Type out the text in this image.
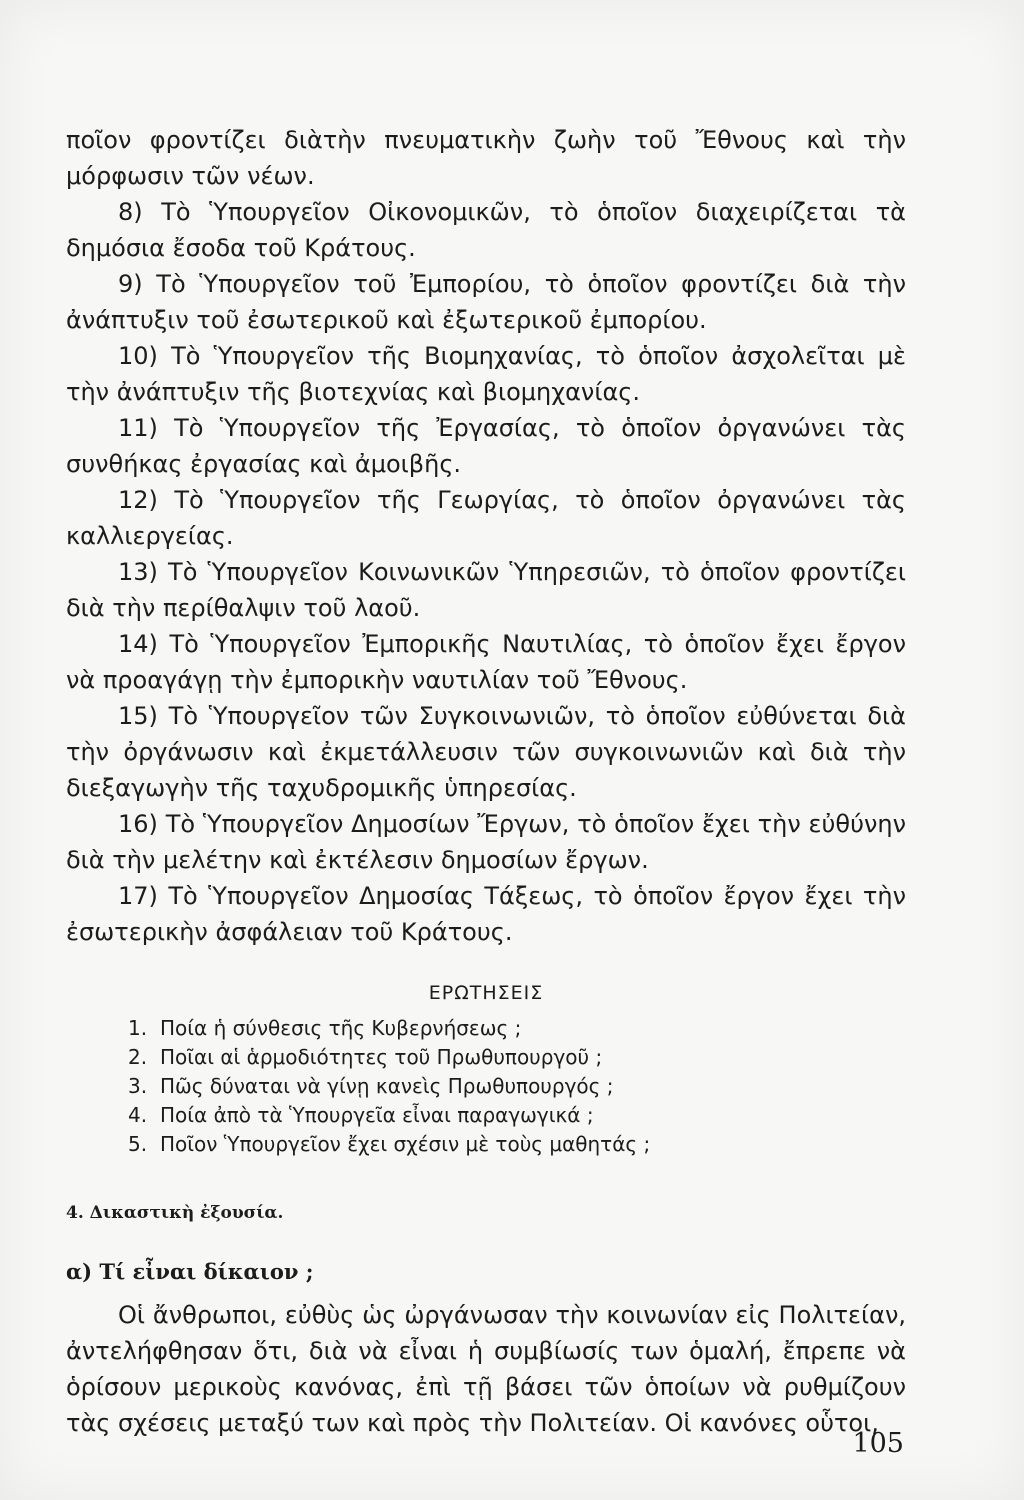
ποῖον φροντίζει διὰτὴν πνευματικὴν ζωὴν τοῦ Ἔθνους καὶ τὴν μόρφωσιν τῶν νέων.

8) Τὸ Ὑπουργεῖον Οἰκονομικῶν, τὸ ὁποῖον διαχειρίζεται τὰ δημόσια ἔσοδα τοῦ Κράτους.

9) Τὸ Ὑπουργεῖον τοῦ Ἐμπορίου, τὸ ὁποῖον φροντίζει διὰ τὴν ἀνάπτυξιν τοῦ ἐσωτερικοῦ καὶ ἐξωτερικοῦ ἐμπορίου.

10) Τὸ Ὑπουργεῖον τῆς Βιομηχανίας, τὸ ὁποῖον ἀσχολεῖται μὲ τὴν ἀνάπτυξιν τῆς βιοτεχνίας καὶ βιομηχανίας.

11) Τὸ Ὑπουργεῖον τῆς Ἐργασίας, τὸ ὁποῖον ὀργανώνει τὰς συνθήκας ἐργασίας καὶ ἀμοιβῆς.

12) Τὸ Ὑπουργεῖον τῆς Γεωργίας, τὸ ὁποῖον ὀργανώνει τὰς καλλιεργείας.

13) Τὸ Ὑπουργεῖον Κοινωνικῶν Ὑπηρεσιῶν, τὸ ὁποῖον φροντίζει διὰ τὴν περίθαλψιν τοῦ λαοῦ.

14) Τὸ Ὑπουργεῖον Ἐμπορικῆς Ναυτιλίας, τὸ ὁποῖον ἔχει ἔργον νὰ προαγάγῃ τὴν ἐμπορικὴν ναυτιλίαν τοῦ Ἔθνους.

15) Τὸ Ὑπουργεῖον τῶν Συγκοινωνιῶν, τὸ ὁποῖον εὐθύνεται διὰ τὴν ὀργάνωσιν καὶ ἐκμετάλλευσιν τῶν συγκοινωνιῶν καὶ διὰ τὴν διεξαγωγὴν τῆς ταχυδρομικῆς ὑπηρεσίας.

16) Τὸ Ὑπουργεῖον Δημοσίων Ἔργων, τὸ ὁποῖον ἔχει τὴν εὐθύνην διὰ τὴν μελέτην καὶ ἐκτέλεσιν δημοσίων ἔργων.

17) Τὸ Ὑπουργεῖον Δημοσίας Τάξεως, τὸ ὁποῖον ἔργον ἔχει τὴν ἐσωτερικὴν ἀσφάλειαν τοῦ Κράτους.

ΕΡΩΤΗΣΕΙΣ

1. Ποία ἡ σύνθεσις τῆς Κυβερνήσεως ;
2. Ποῖαι αἱ ἁρμοδιότητες τοῦ Πρωθυπουργοῦ ;
3. Πῶς δύναται νὰ γίνῃ κανεὶς Πρωθυπουργός ;
4. Ποία ἀπὸ τὰ Ὑπουργεῖα εἶναι παραγωγικά ;
5. Ποῖον Ὑπουργεῖον ἔχει σχέσιν μὲ τοὺς μαθητάς ;

4. Δικαστικὴ ἐξουσία.

α) Τί εἶναι δίκαιον ;

Οἱ ἄνθρωποι, εὐθὺς ὡς ὠργάνωσαν τὴν κοινωνίαν εἰς Πολιτείαν, ἀντελήφθησαν ὅτι, διὰ νὰ εἶναι ἡ συμβίωσίς των ὁμαλή, ἔπρεπε νὰ ὁρίσουν μερικοὺς κανόνας, ἐπὶ τῇ βάσει τῶν ὁποίων νὰ ρυθμίζουν τὰς σχέσεις μεταξύ των καὶ πρὸς τὴν Πολιτείαν. Οἱ κανόνες οὗτοι,

105
